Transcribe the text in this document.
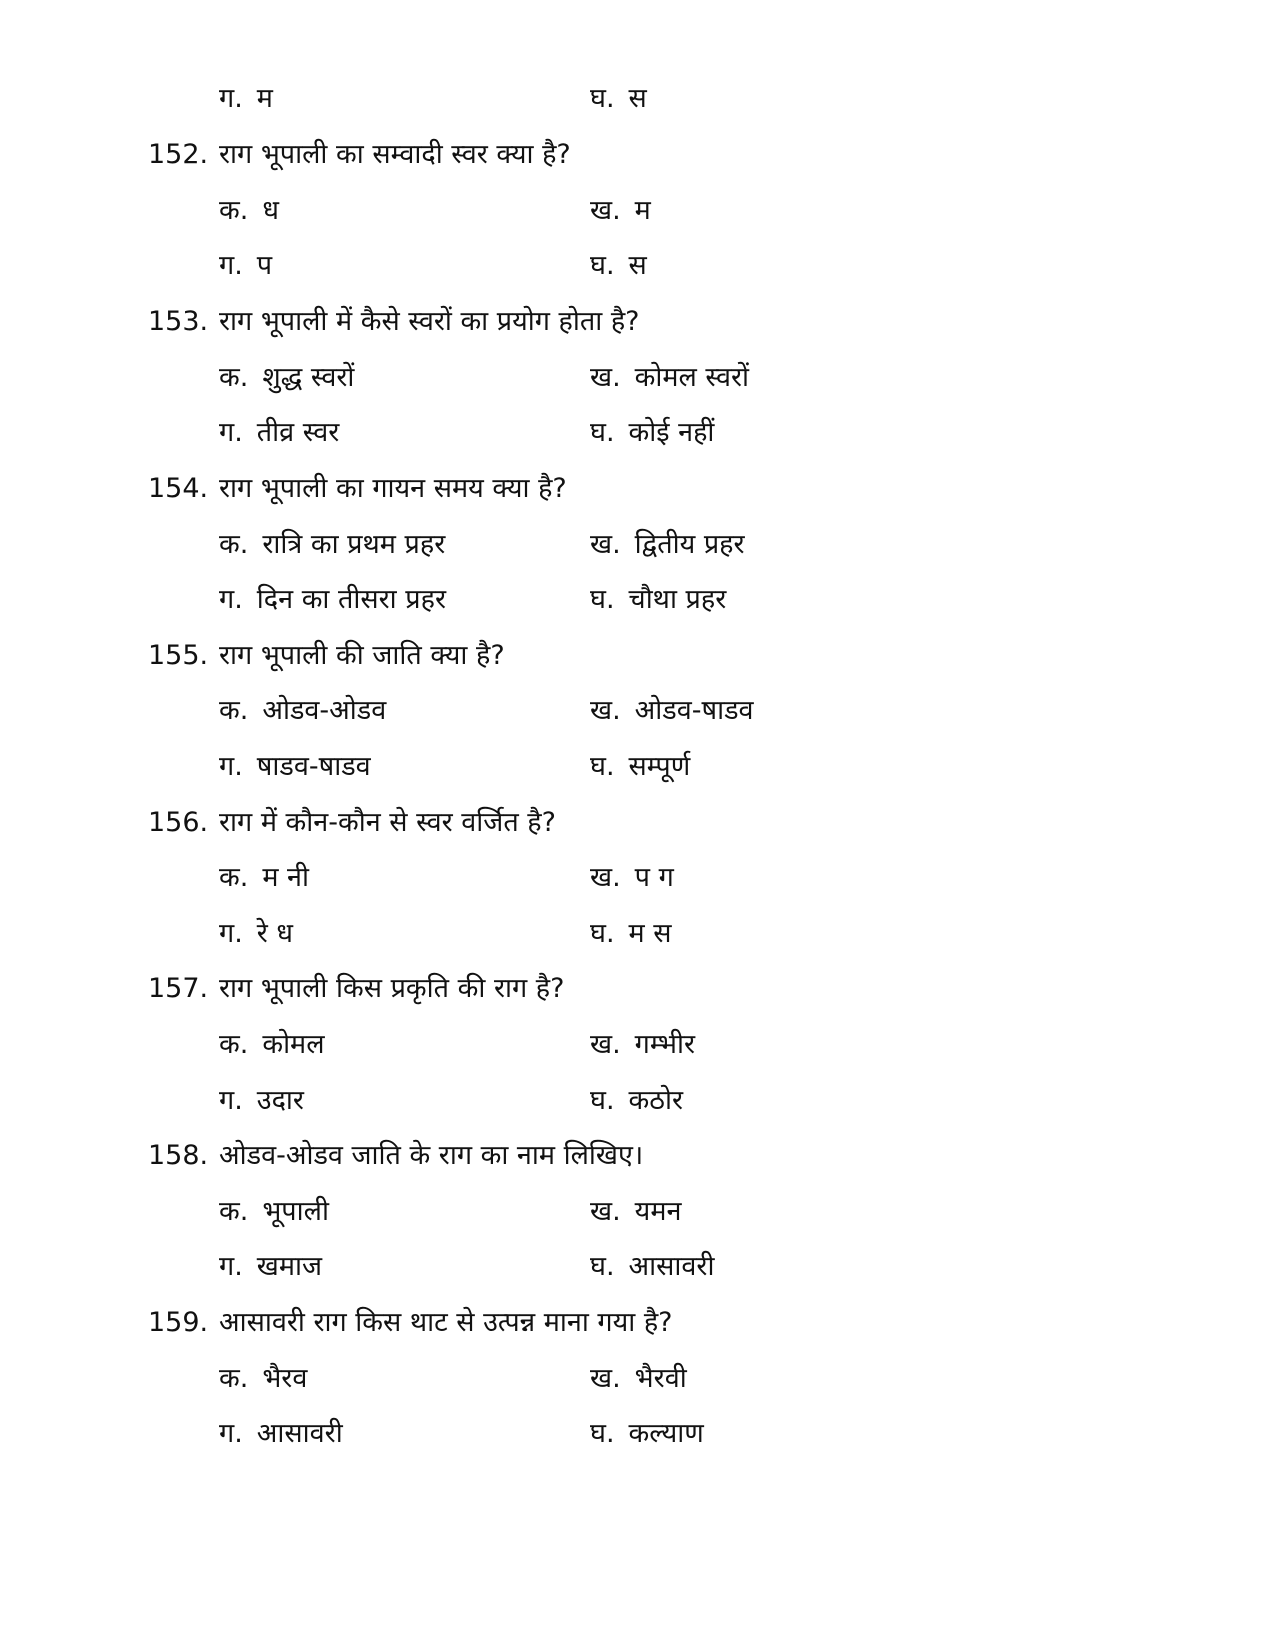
ग. म	घ. स
152. राग भूपाली का सम्वादी स्वर क्या है?
क. ध	ख. म
ग. प	घ. स
153. राग भूपाली में कैसे स्वरों का प्रयोग होता है?
क. शुद्ध स्वरों	ख. कोमल स्वरों
ग. तीव्र स्वर	घ. कोई नहीं
154. राग भूपाली का गायन समय क्या है?
क. रात्रि का प्रथम प्रहर	ख. द्वितीय प्रहर
ग. दिन का तीसरा प्रहर	घ. चौथा प्रहर
155. राग भूपाली की जाति क्या है?
क. ओडव-ओडव	ख. ओडव-षाडव
ग. षाडव-षाडव	घ. सम्पूर्ण
156. राग में कौन-कौन से स्वर वर्जित है?
क. म नी	ख. प ग
ग. रे ध	घ. म स
157. राग भूपाली किस प्रकृति की राग है?
क. कोमल	ख. गम्भीर
ग. उदार	घ. कठोर
158. ओडव-ओडव जाति के राग का नाम लिखिए।
क. भूपाली	ख. यमन
ग. खमाज	घ. आसावरी
159. आसावरी राग किस थाट से उत्पन्न माना गया है?
क. भैरव	ख. भैरवी
ग. आसावरी	घ. कल्याण
